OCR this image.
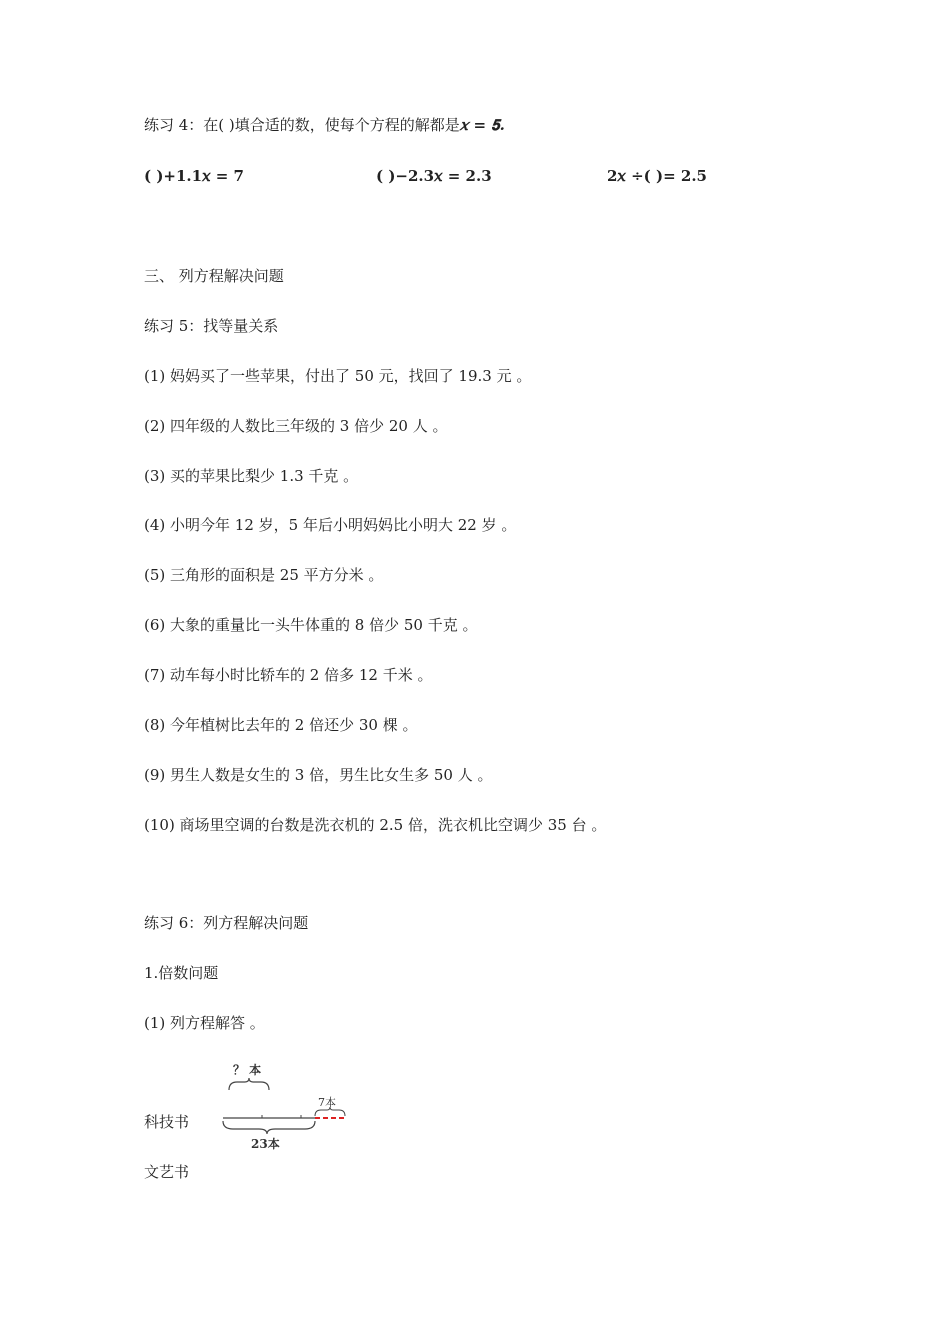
练习 4：在( )填合适的数，使每个方程的解都是𝑥 = 𝟓.
( )+𝟏.𝟏𝑥 = 𝟕	( )−𝟐.𝟑𝑥 = 𝟐.𝟑	𝟐𝑥 ÷( )= 𝟐.𝟓
三、 列方程解决问题
练习 5：找等量关系
(1) 妈妈买了一些苹果，付出了 50 元，找回了 19.3 元 。
(2) 四年级的人数比三年级的 3 倍少 20 人 。
(3) 买的苹果比梨少 1.3 千克 。
(4) 小明今年 12 岁，5 年后小明妈妈比小明大 22 岁 。
(5) 三角形的面积是 25 平方分米 。
(6) 大象的重量比一头牛体重的 8 倍少 50 千克 。
(7) 动车每小时比轿车的 2 倍多 12 千米 。
(8) 今年植树比去年的 2 倍还少 30 棵 。
(9) 男生人数是女生的 3 倍，男生比女生多 50 人 。
(10) 商场里空调的台数是洗衣机的 2.5 倍，洗衣机比空调少 35 台 。
练习 6：列方程解决问题
1.倍数问题
(1) 列方程解答 。
？ 本
7本
23本
科技书
文艺书
